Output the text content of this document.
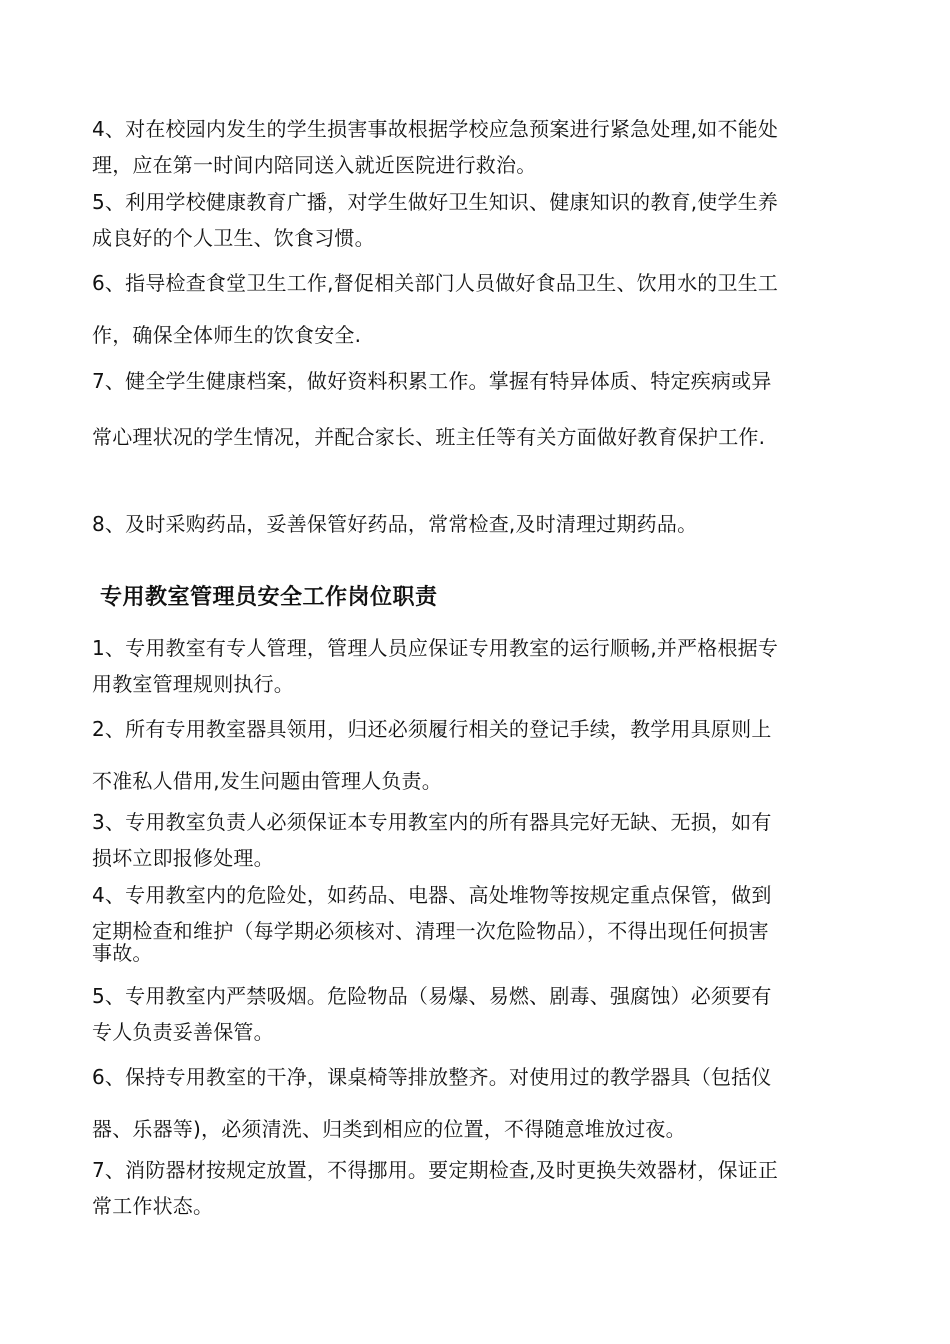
4、对在校园内发生的学生损害事故根据学校应急预案进行紧急处理,如不能处
理，应在第一时间内陪同送入就近医院进行救治。

5、利用学校健康教育广播，对学生做好卫生知识、健康知识的教育,使学生养
成良好的个人卫生、饮食习惯。

6、指导检查食堂卫生工作,督促相关部门人员做好食品卫生、饮用水的卫生工
作，确保全体师生的饮食安全.

7、健全学生健康档案，做好资料积累工作。掌握有特异体质、特定疾病或异
常心理状况的学生情况，并配合家长、班主任等有关方面做好教育保护工作.

8、及时采购药品，妥善保管好药品，常常检查,及时清理过期药品。

专用教室管理员安全工作岗位职责

1、专用教室有专人管理，管理人员应保证专用教室的运行顺畅,并严格根据专
用教室管理规则执行。

2、所有专用教室器具领用，归还必须履行相关的登记手续，教学用具原则上
不准私人借用,发生问题由管理人负责。

3、专用教室负责人必须保证本专用教室内的所有器具完好无缺、无损，如有
损坏立即报修处理。

4、专用教室内的危险处，如药品、电器、高处堆物等按规定重点保管，做到
定期检查和维护（每学期必须核对、清理一次危险物品），不得出现任何损害
事故。

5、专用教室内严禁吸烟。危险物品（易爆、易燃、剧毒、强腐蚀）必须要有
专人负责妥善保管。

6、保持专用教室的干净，课桌椅等排放整齐。对使用过的教学器具（包括仪
器、乐器等)，必须清洗、归类到相应的位置，不得随意堆放过夜。

7、消防器材按规定放置，不得挪用。要定期检查,及时更换失效器材，保证正
常工作状态。
